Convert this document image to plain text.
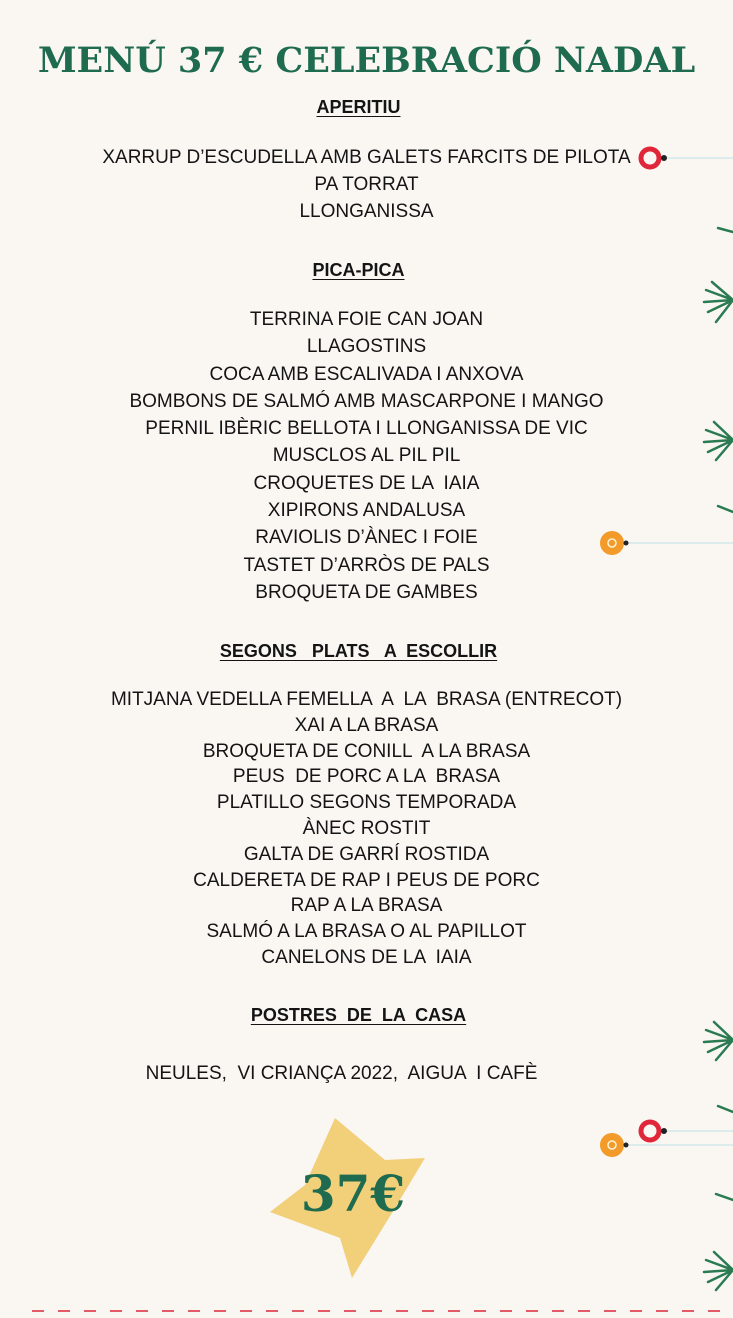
MENÚ 37 € CELEBRACIÓ NADAL
APERITIU
XARRUP D’ESCUDELLA AMB GALETS FARCITS DE PILOTA
PA TORRAT
LLONGANISSA
PICA-PICA
TERRINA FOIE CAN JOAN
LLAGOSTINS
COCA AMB ESCALIVADA I ANXOVA
BOMBONS DE SALMÓ AMB MASCARPONE I MANGO
PERNIL IBÈRIC BELLOTA I LLONGANISSA DE VIC
MUSCLOS AL PIL PIL
CROQUETES DE LA  IAIA
XIPIRONS ANDALUSA
RAVIOLIS D’ÀNEC I FOIE
TASTET D’ARRÒS DE PALS
BROQUETA DE GAMBES
SEGONS   PLATS   A  ESCOLLIR
MITJANA VEDELLA FEMELLA  A  LA  BRASA (ENTRECOT)
XAI A LA BRASA
BROQUETA DE CONILL  A LA BRASA
PEUS  DE PORC A LA  BRASA
PLATILLO SEGONS TEMPORADA
ÀNEC ROSTIT
GALTA DE GARRÍ ROSTIDA
CALDERETA DE RAP I PEUS DE PORC
RAP A LA BRASA
SALMÓ A LA BRASA O AL PAPILLOT
CANELONS DE LA  IAIA
POSTRES  DE  LA  CASA
NEULES,  VI CRIANÇA 2022,  AIGUA  I CAFÈ
37€
